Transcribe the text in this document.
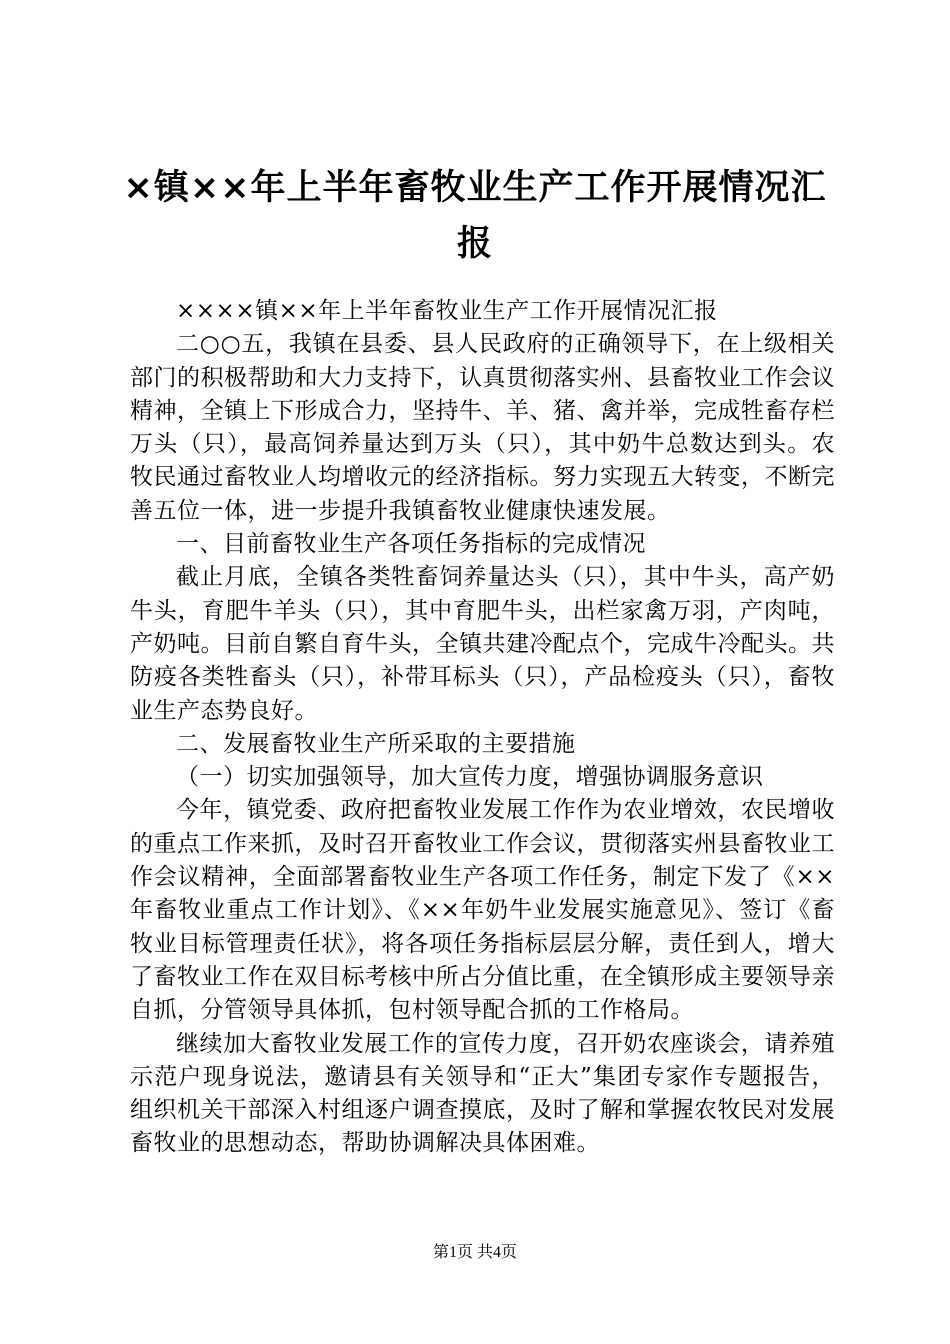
×镇××年上半年畜牧业生产工作开展情况汇
报

××××镇××年上半年畜牧业生产工作开展情况汇报

二○○五，我镇在县委、县人民政府的正确领导下，在上级相关部门的积极帮助和大力支持下，认真贯彻落实州、县畜牧业工作会议精神，全镇上下形成合力，坚持牛、羊、猪、禽并举，完成牲畜存栏万头（只），最高饲养量达到万头（只），其中奶牛总数达到头。农牧民通过畜牧业人均增收元的经济指标。努力实现五大转变，不断完善五位一体，进一步提升我镇畜牧业健康快速发展。

一、目前畜牧业生产各项任务指标的完成情况

截止月底，全镇各类牲畜饲养量达头（只），其中牛头，高产奶牛头，育肥牛羊头（只），其中育肥牛头，出栏家禽万羽，产肉吨，产奶吨。目前自繁自育牛头，全镇共建冷配点个，完成牛冷配头。共防疫各类牲畜头（只），补带耳标头（只），产品检疫头（只），畜牧业生产态势良好。

二、发展畜牧业生产所采取的主要措施

（一）切实加强领导，加大宣传力度，增强协调服务意识

今年，镇党委、政府把畜牧业发展工作作为农业增效，农民增收的重点工作来抓，及时召开畜牧业工作会议，贯彻落实州县畜牧业工作会议精神，全面部署畜牧业生产各项工作任务，制定下发了《××年畜牧业重点工作计划》、《××年奶牛业发展实施意见》、签订《畜牧业目标管理责任状》，将各项任务指标层层分解，责任到人，增大了畜牧业工作在双目标考核中所占分值比重，在全镇形成主要领导亲自抓，分管领导具体抓，包村领导配合抓的工作格局。

继续加大畜牧业发展工作的宣传力度，召开奶农座谈会，请养殖示范户现身说法，邀请县有关领导和“正大”集团专家作专题报告，组织机关干部深入村组逐户调查摸底，及时了解和掌握农牧民对发展畜牧业的思想动态，帮助协调解决具体困难。

第1页 共4页
